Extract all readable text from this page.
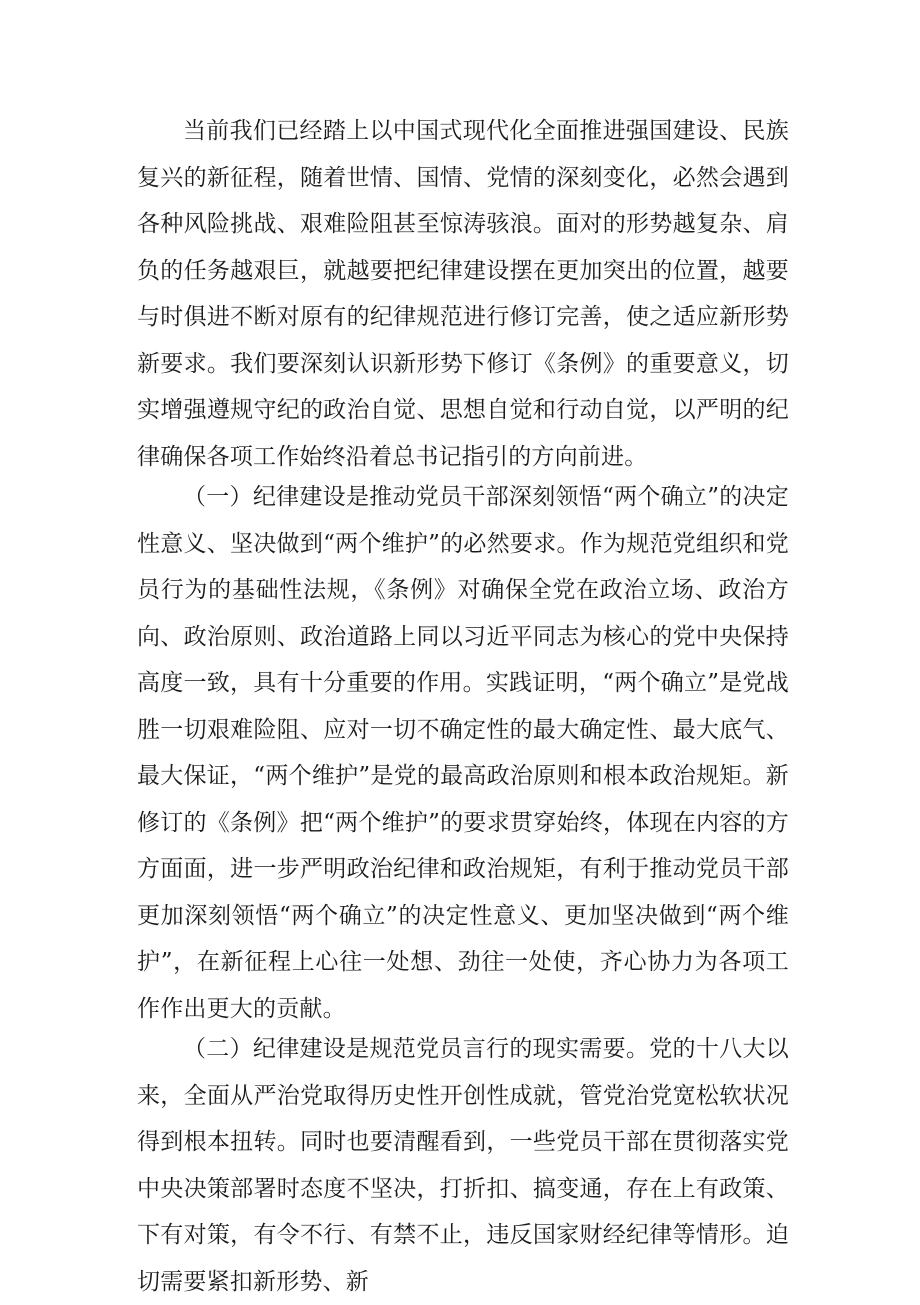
当前我们已经踏上以中国式现代化全面推进强国建设、民族复兴的新征程，随着世情、国情、党情的深刻变化，必然会遇到各种风险挑战、艰难险阻甚至惊涛骇浪。面对的形势越复杂、肩负的任务越艰巨，就越要把纪律建设摆在更加突出的位置，越要与时俱进不断对原有的纪律规范进行修订完善，使之适应新形势新要求。我们要深刻认识新形势下修订《条例》的重要意义，切实增强遵规守纪的政治自觉、思想自觉和行动自觉，以严明的纪律确保各项工作始终沿着总书记指引的方向前进。

（一）纪律建设是推动党员干部深刻领悟“两个确立”的决定性意义、坚决做到“两个维护”的必然要求。作为规范党组织和党员行为的基础性法规，《条例》对确保全党在政治立场、政治方向、政治原则、政治道路上同以习近平同志为核心的党中央保持高度一致，具有十分重要的作用。实践证明，“两个确立”是党战胜一切艰难险阻、应对一切不确定性的最大确定性、最大底气、最大保证，“两个维护”是党的最高政治原则和根本政治规矩。新修订的《条例》把“两个维护”的要求贯穿始终，体现在内容的方方面面，进一步严明政治纪律和政治规矩，有利于推动党员干部更加深刻领悟“两个确立”的决定性意义、更加坚决做到“两个维护”，在新征程上心往一处想、劲往一处使，齐心协力为各项工作作出更大的贡献。

（二）纪律建设是规范党员言行的现实需要。党的十八大以来，全面从严治党取得历史性开创性成就，管党治党宽松软状况得到根本扭转。同时也要清醒看到，一些党员干部在贯彻落实党中央决策部署时态度不坚决，打折扣、搞变通，存在上有政策、下有对策，有令不行、有禁不止，违反国家财经纪律等情形。迫切需要紧扣新形势、新
